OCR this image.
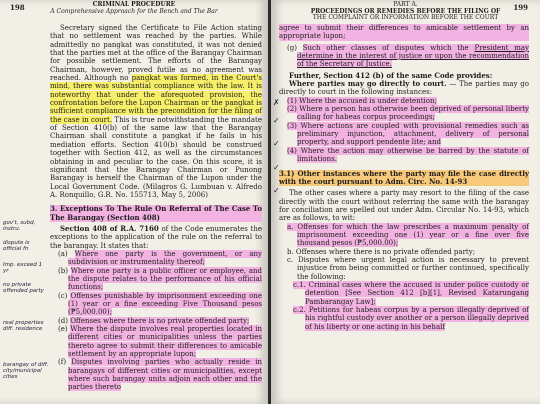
198	CRIMINAL PROCEDURE
A Comprehensive Approach for the Bench and The Bar

Secretary signed the Certificate to File Action stating that no settlement was reached by the parties. While admittedly no pangkat was constituted, it was not denied that the parties met at the office of the Barangay Chairman for possible settlement. The efforts of the Barangay Chairman, however, proved futile as no agreement was reached. Although no pangkat was formed, in the Court's mind, there was substantial compliance with the law. It is noteworthy that under the aforequoted provision, the confrontation before the Lupon Chairman or the pangkat is sufficient compliance with the precondition for the filing of the case in court. This is true notwithstanding the mandate of Section 410(b) of the same law that the Barangay Chairman shall constitute a pangkat if he fails in his mediation efforts. Section 410(b) should be construed together with Section 412, as well as the circumstances obtaining in and peculiar to the case. On this score, it is significant that the Barangay Chairman or Punong Barangay is herself the Chairman of the Lupon under the Local Government Code. (Milagros G. Lumbuan v. Alfredo A. Ronquillo, G.R. No. 155713, May 5, 2006)

3. Exceptions To The Rule On Referral of The Case To The Barangay (Section 408)

Section 408 of R.A. 7160 of the Code enumerates the exceptions to the application of the rule on the referral to the barangay. It states that:

(a) Where one party is the government, or any subdivision or instrumentality thereof;

(b) Where one party is a public officer or employee, and the dispute relates to the performance of his official functions;

(c) Offenses punishable by imprisonment exceeding one (1) year or a fine exceeding Five Thousand pesos (₱5,000.00);

(d) Offenses where there is no private offended party;

(e) Where the dispute involves real properties located in different cities or municipalities unless the parties thereto agree to submit their differences to amicable settlement by an appropriate lupon;

(f) Disputes involving parties who actually reside in barangays of different cities or municipalities, except where such barangay units adjoin each other and the parties thereto

gov't, subd, instru.
dispute is official fn
Imp. exceed 1 yr
no private offended party
real properties diff. residence
barangay of diff. city/municipal cities
199
PART A.
PROCEEDINGS OR REMEDIES BEFORE THE FILING OF
THE COMPLAINT OR INFORMATION BEFORE THE COURT

agree to submit their differences to amicable settlement by an appropriate lupon;

(g) Such other classes of disputes which the President may determine in the interest of justice or upon the recommendation of the Secretary of Justice.

Further, Section 412 (b) of the same Code provides:

Where parties may go directly to court. — The parties may go directly to court in the following instances:

(1) Where the accused is under detention;

(2) Where a person has otherwise been deprived of personal liberty calling for habeas corpus proceedings;

(3) Where actions are coupled with provisional remedies such as preliminary injunction, attachment, delivery of personal property, and support pendente lite; and

(4) Where the action may otherwise be barred by the statute of limitations.

3.1) Other instances where the party may file the case directly with the court pursuant to Adm. Circ. No. 14-93

The other cases where a party may resort to the filing of the case directly with the court without referring the same with the barangay for conciliation are spelled out under Adm. Circular No. 14-93, which are as follows, to wit:

a. Offenses for which the law prescribes a maximum penalty of imprisonment exceeding one (1) year or a fine over five thousand pesos (₱5,000.00);

b. Offenses where there is no private offended party;

c. Disputes where urgent legal action is necessary to prevent injustice from being committed or further continued, specifically the following:

c.1. Criminal cases where the accused is under police custody or detention [See Section 412 [b][1], Revised Katarungang Pambarangay Law];

c.2. Petitions for habeas corpus by a person illegally deprived of his rightful custody over another or a person illegally deprived of his liberty or one acting in his behalf

✗
✓
✓
✓
✓
